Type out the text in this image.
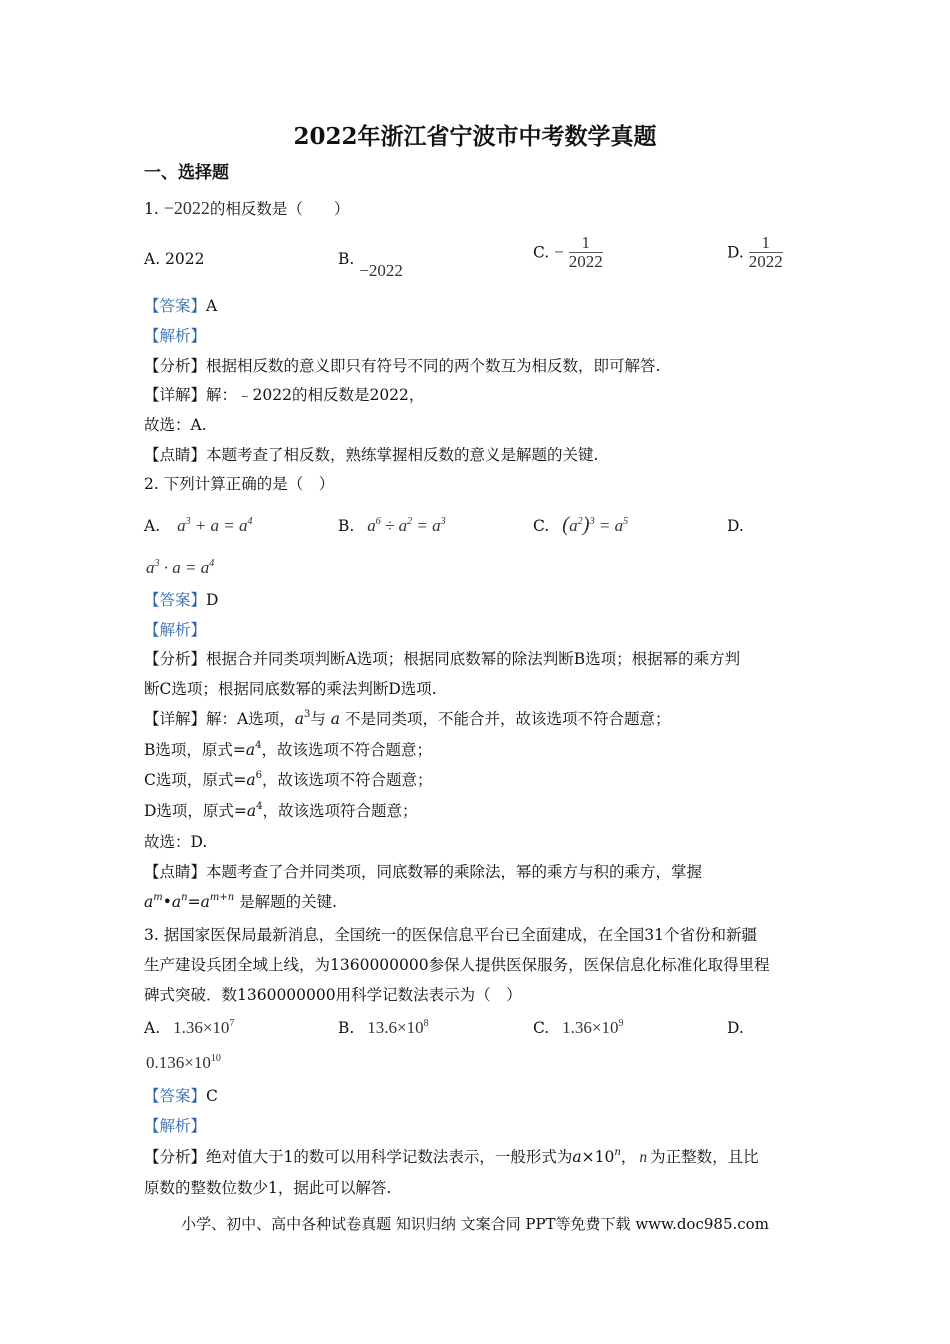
2022年浙江省宁波市中考数学真题
一、选择题
1. −2022的相反数是（　　）
A. 2022	B. −2022
C. − $\frac{1}{2022}$	D. $\frac{1}{2022}$
【答案】A
【解析】
【分析】根据相反数的意义即只有符号不同的两个数互为相反数，即可解答.
【详解】解：﹣2022的相反数是2022，
故选：A.
【点睛】本题考查了相反数，熟练掌握相反数的意义是解题的关键.
2. 下列计算正确的是（　）
A. $a^3 + a = a^4$	B. $a^6 \div a^2 = a^3$	C. $(a^2)^3 = a^5$	D.
$a^3 \cdot a = a^4$
【答案】D
【解析】
【分析】根据合并同类项判断A选项；根据同底数幂的除法判断B选项；根据幂的乘方判
断C选项；根据同底数幂的乘法判断D选项.
【详解】解：A选项，$a^3$与 a 不是同类项，不能合并，故该选项不符合题意；
B选项，原式$=a^4$，故该选项不符合题意；
C选项，原式$=a^6$，故该选项不符合题意；
D选项，原式$=a^4$，故该选项符合题意；
故选：D.
【点睛】本题考查了合并同类项，同底数幂的乘除法，幂的乘方与积的乘方，掌握
$a^m•a^n=a^{m+n}$ 是解题的关键.
3. 据国家医保局最新消息，全国统一的医保信息平台已全面建成，在全国31个省份和新疆
生产建设兵团全域上线，为1360000000参保人提供医保服务，医保信息化标准化取得里程
碑式突破．数1360000000用科学记数法表示为（　）
A. $1.36\times 10^7$	B. $13.6\times 10^8$	C. $1.36\times 10^9$	D.
$0.136\times 10^{10}$
【答案】C
【解析】
【分析】绝对值大于1的数可以用科学记数法表示，一般形式为$a\times 10^n$， n 为正整数，且比
原数的整数位数少1，据此可以解答.
小学、初中、高中各种试卷真题 知识归纳 文案合同 PPT等免费下载 www.doc985.com
